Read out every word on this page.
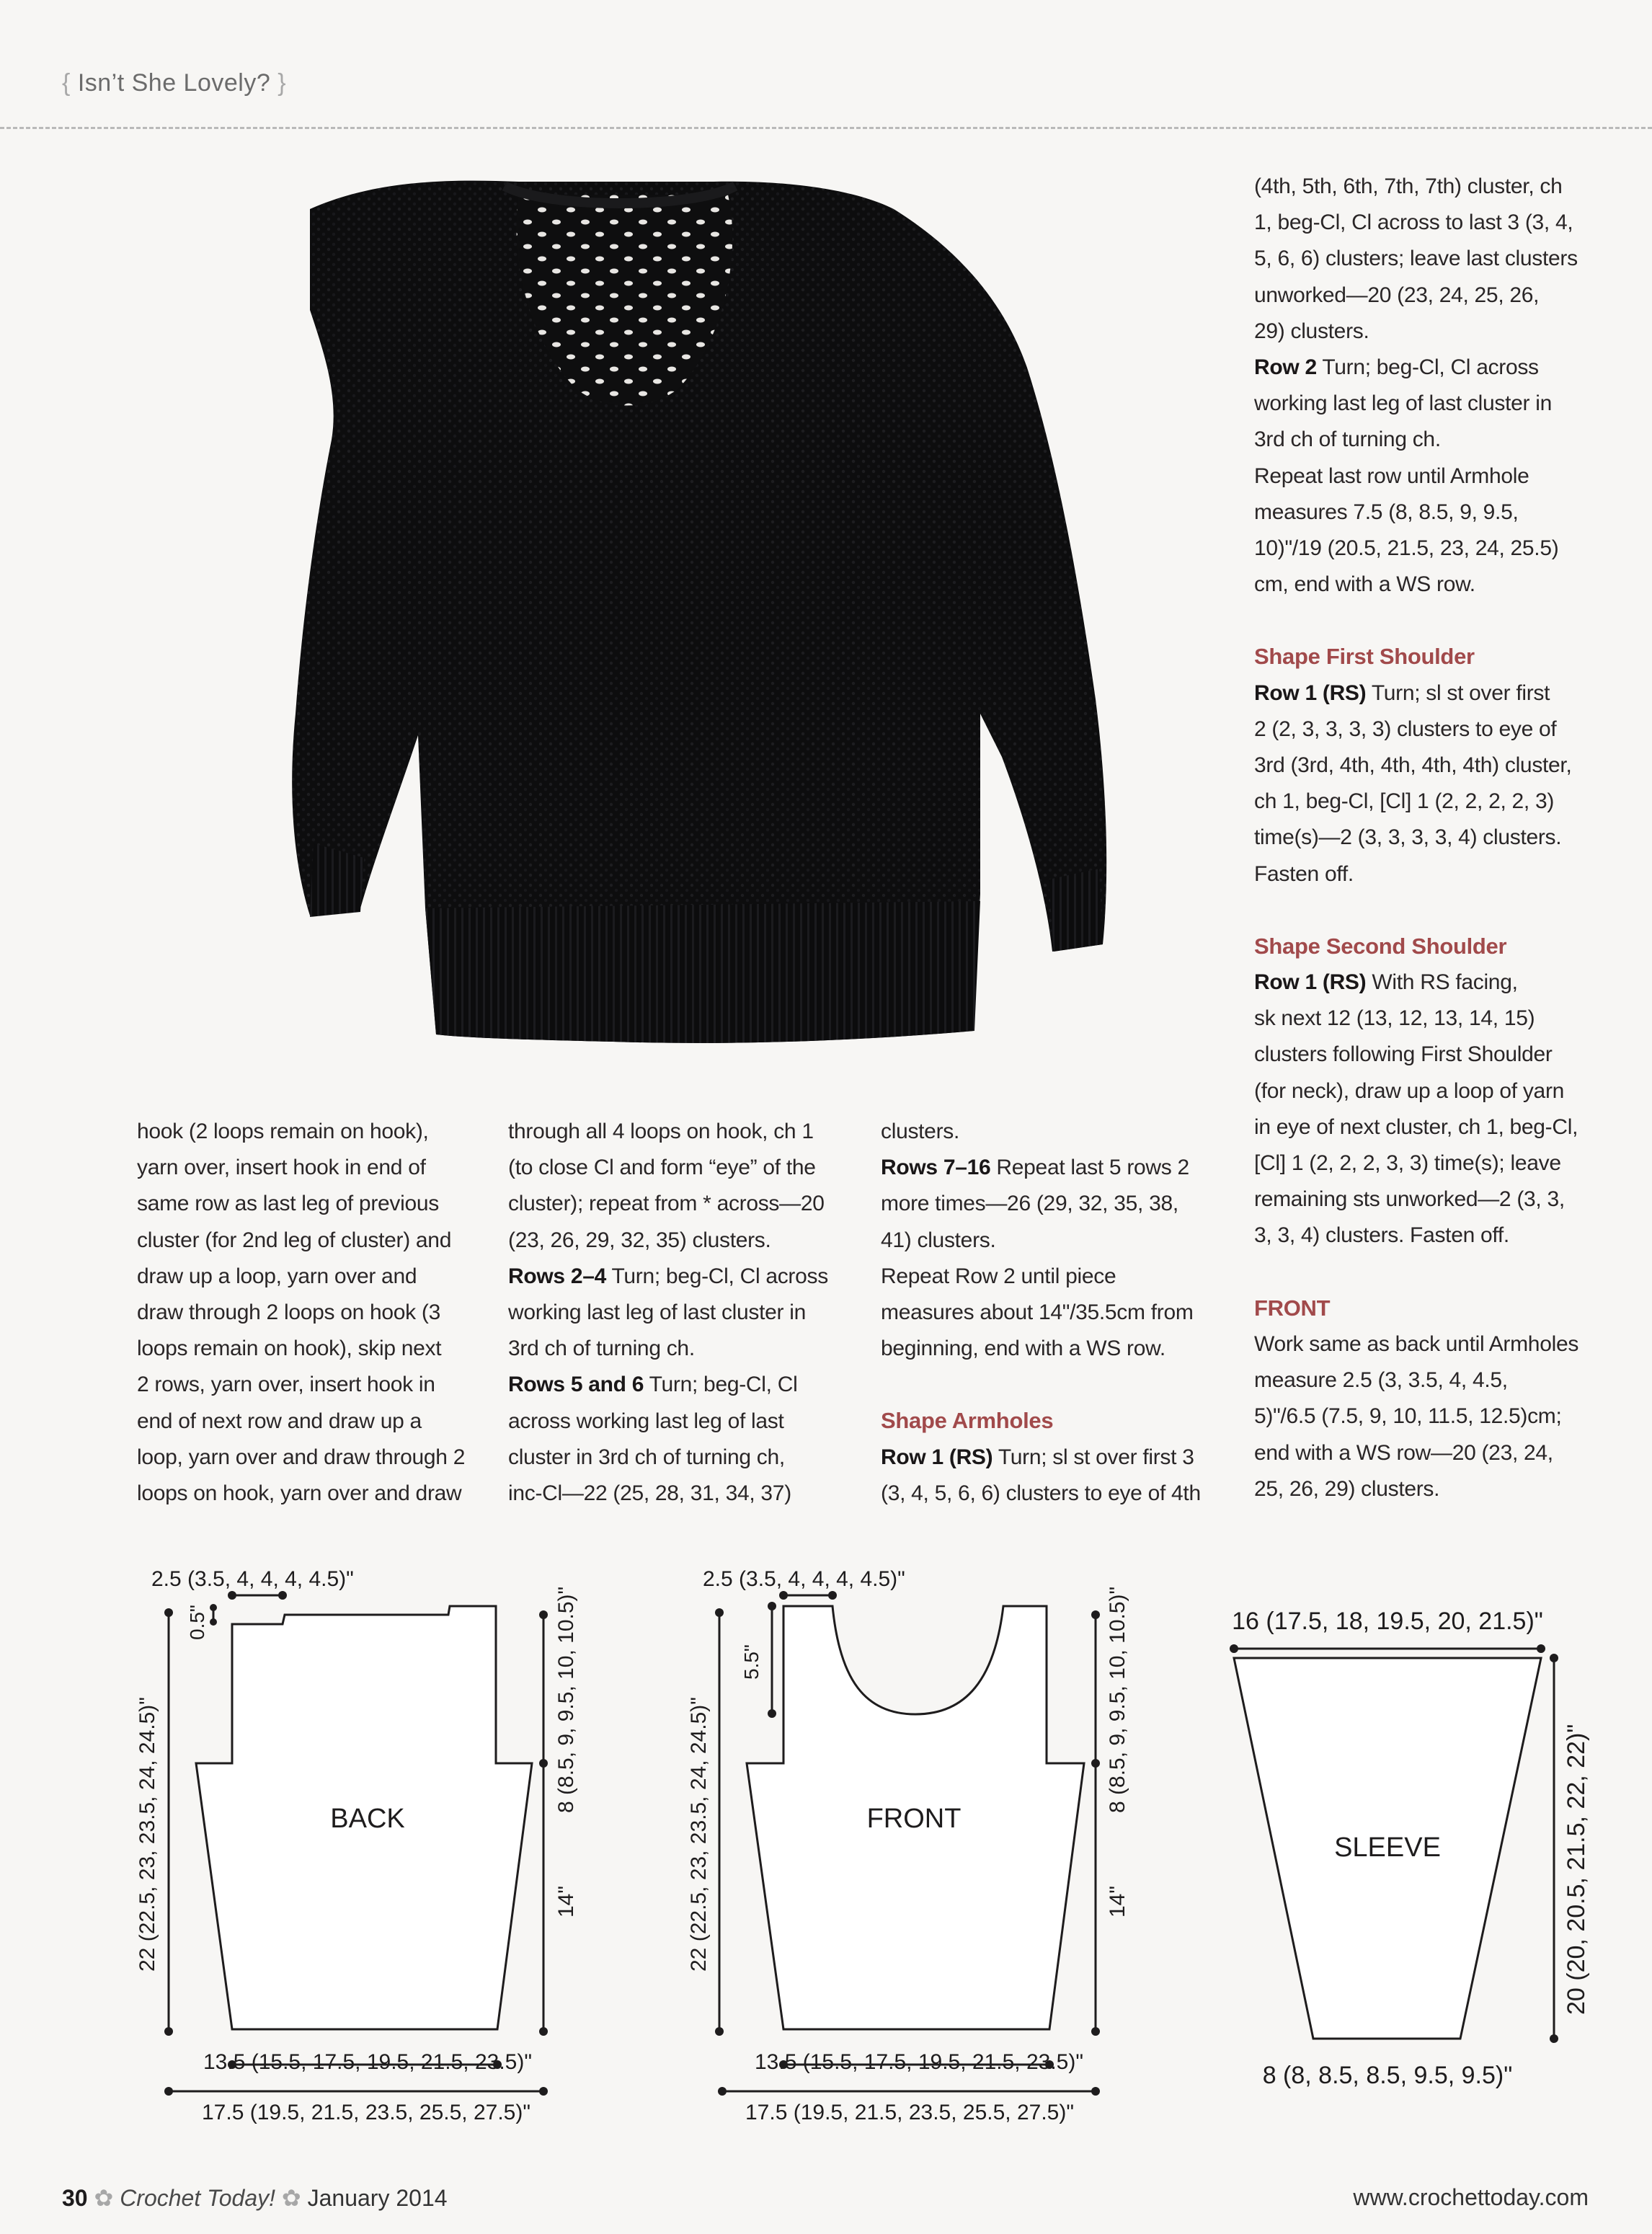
{ Isn’t She Lovely? }

hook (2 loops remain on hook),

yarn over, insert hook in end of

same row as last leg of previous

cluster (for 2nd leg of cluster) and

draw up a loop, yarn over and

draw through 2 loops on hook (3

loops remain on hook), skip next

2 rows, yarn over, insert hook in

end of next row and draw up a

loop, yarn over and draw through 2

loops on hook, yarn over and draw

through all 4 loops on hook, ch 1

(to close Cl and form “eye” of the

cluster); repeat from * across—20

(23, 26, 29, 32, 35) clusters.

Rows 2–4 Turn; beg-Cl, Cl across

working last leg of last cluster in

3rd ch of turning ch.

Rows 5 and 6 Turn; beg-Cl, Cl

across working last leg of last

cluster in 3rd ch of turning ch,

inc-Cl—22 (25, 28, 31, 34, 37)

clusters.

Rows 7–16 Repeat last 5 rows 2

more times—26 (29, 32, 35, 38,

41) clusters.

Repeat Row 2 until piece

measures about 14"/35.5cm from

beginning, end with a WS row.

Shape Armholes

Row 1 (RS) Turn; sl st over first 3

(3, 4, 5, 6, 6) clusters to eye of 4th

(4th, 5th, 6th, 7th, 7th) cluster, ch

1, beg-Cl, Cl across to last 3 (3, 4,

5, 6, 6) clusters; leave last clusters

unworked—20 (23, 24, 25, 26,

29) clusters.

Row 2 Turn; beg-Cl, Cl across

working last leg of last cluster in

3rd ch of turning ch.

Repeat last row until Armhole

measures 7.5 (8, 8.5, 9, 9.5,

10)"/19 (20.5, 21.5, 23, 24, 25.5)

cm, end with a WS row.

Shape First Shoulder

Row 1 (RS) Turn; sl st over first

2 (2, 3, 3, 3, 3) clusters to eye of

3rd (3rd, 4th, 4th, 4th, 4th) cluster,

ch 1, beg-Cl, [Cl] 1 (2, 2, 2, 2, 3)

time(s)—2 (3, 3, 3, 3, 4) clusters.

Fasten off.

Shape Second Shoulder

Row 1 (RS) With RS facing,

sk next 12 (13, 12, 13, 14, 15)

clusters following First Shoulder

(for neck), draw up a loop of yarn

in eye of next cluster, ch 1, beg-Cl,

[Cl] 1 (2, 2, 2, 3, 3) time(s); leave

remaining sts unworked—2 (3, 3,

3, 3, 4) clusters. Fasten off.

FRONT

Work same as back until Armholes

measure 2.5 (3, 3.5, 4, 4.5,

5)"/6.5 (7.5, 9, 10, 11.5, 12.5)cm;

end with a WS row—20 (23, 24,

25, 26, 29) clusters.

BACK
2.5 (3.5, 4, 4, 4, 4.5)"
0.5"
22 (22.5, 23, 23.5, 24, 24.5)"	8 (8.5, 9, 9.5, 10, 10.5)"
14"
13.5 (15.5, 17.5, 19.5, 21.5, 23.5)"
17.5 (19.5, 21.5, 23.5, 25.5, 27.5)"
FRONT
2.5 (3.5, 4, 4, 4, 4.5)"
5.5"
22 (22.5, 23, 23.5, 24, 24.5)"	8 (8.5, 9, 9.5, 10, 10.5)"
14"
13.5 (15.5, 17.5, 19.5, 21.5, 23.5)"
17.5 (19.5, 21.5, 23.5, 25.5, 27.5)"
SLEEVE
16 (17.5, 18, 19.5, 20, 21.5)"
20 (20, 20.5, 21.5, 22, 22)"
8 (8, 8.5, 8.5, 9.5, 9.5)"
30 ✿ Crochet Today! ✿ January 2014	www.crochettoday.com
